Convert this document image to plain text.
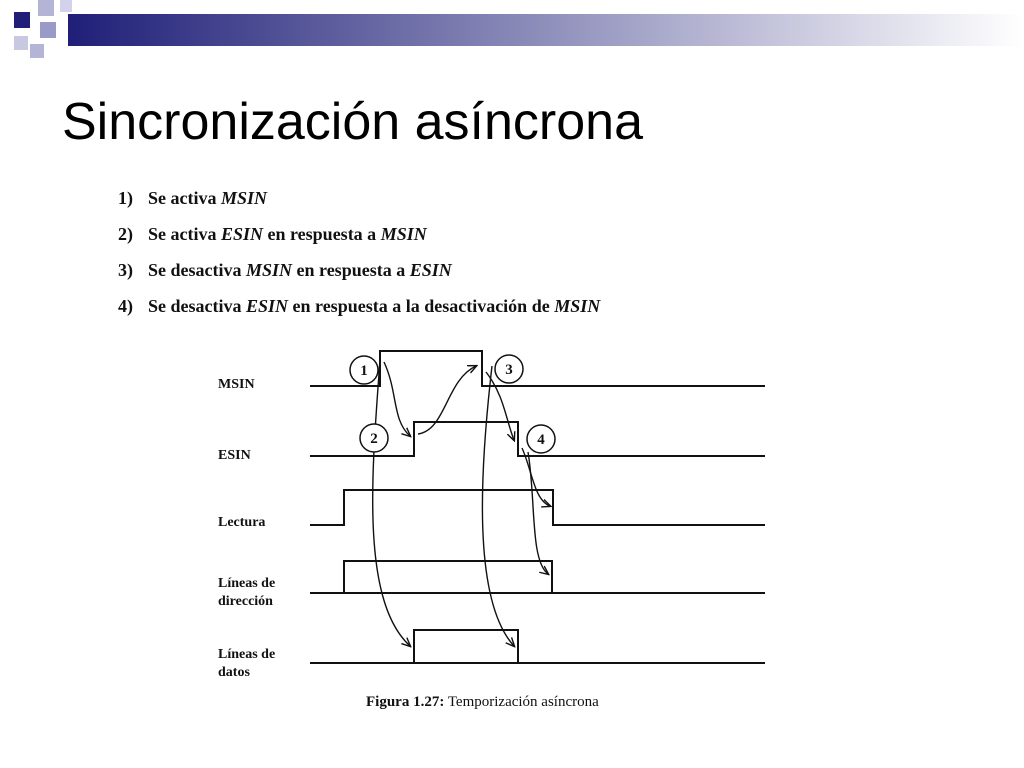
Sincronización asíncrona
1) Se activa MSIN
2) Se activa ESIN en respuesta a MSIN
3) Se desactiva MSIN en respuesta a ESIN
4) Se desactiva ESIN en respuesta a la desactivación de MSIN
MSIN
ESIN
Lectura
Líneas de dirección
Líneas de datos
1
2
3
4
Figura 1.27: Temporización asíncrona
